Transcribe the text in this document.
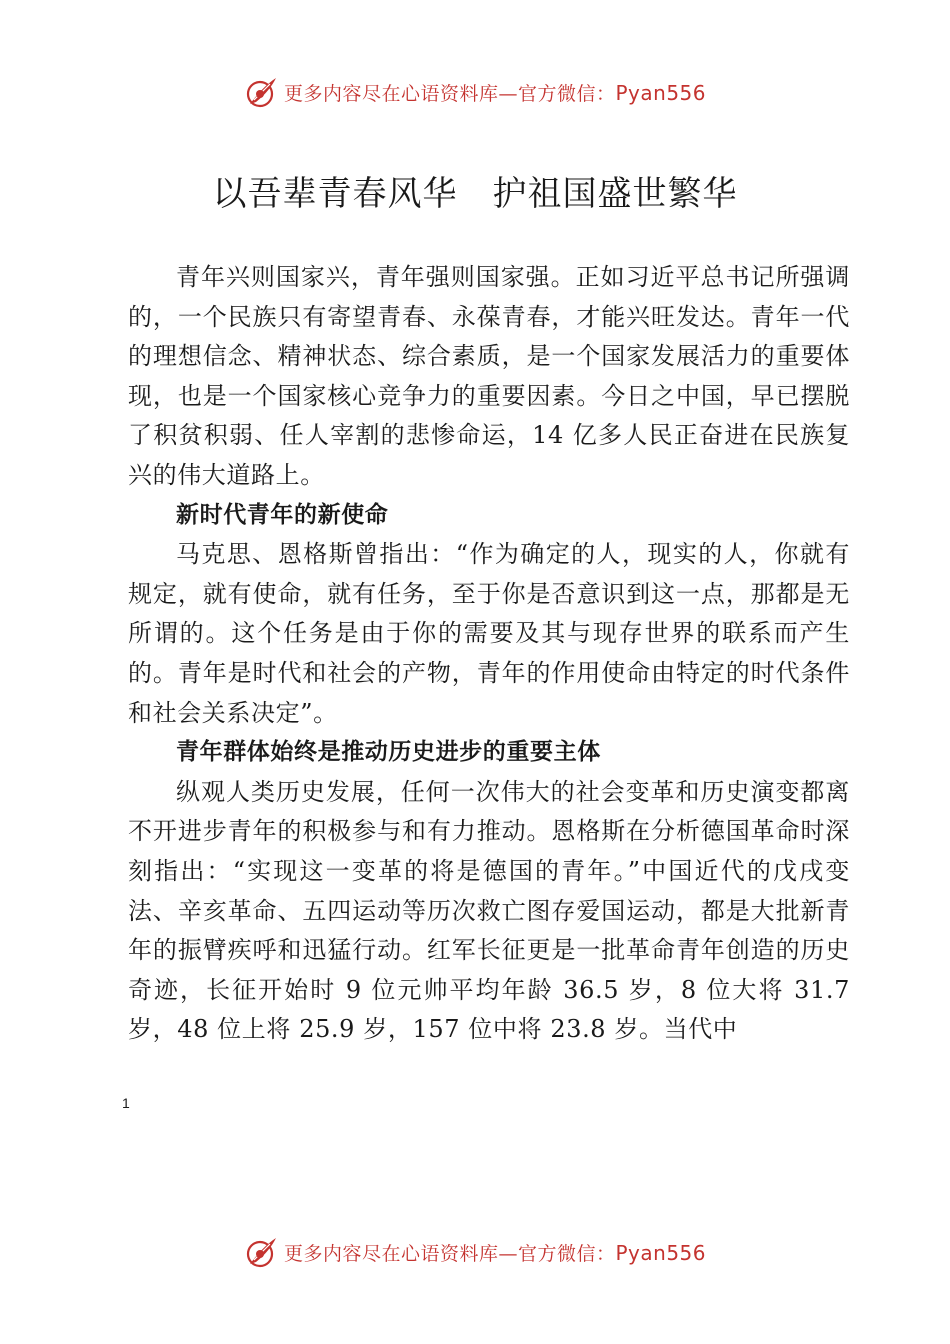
更多内容尽在心语资料库—官方微信：Pyan556
以吾辈青春风华　护祖国盛世繁华

青年兴则国家兴，青年强则国家强。正如习近平总书记所强调的，一个民族只有寄望青春、永葆青春，才能兴旺发达。青年一代的理想信念、精神状态、综合素质，是一个国家发展活力的重要体现，也是一个国家核心竞争力的重要因素。今日之中国，早已摆脱了积贫积弱、任人宰割的悲惨命运，14 亿多人民正奋进在民族复兴的伟大道路上。

新时代青年的新使命

马克思、恩格斯曾指出：“作为确定的人，现实的人，你就有规定，就有使命，就有任务，至于你是否意识到这一点，那都是无所谓的。这个任务是由于你的需要及其与现存世界的联系而产生的。青年是时代和社会的产物，青年的作用使命由特定的时代条件和社会关系决定”。

青年群体始终是推动历史进步的重要主体

纵观人类历史发展，任何一次伟大的社会变革和历史演变都离不开进步青年的积极参与和有力推动。恩格斯在分析德国革命时深刻指出：“实现这一变革的将是德国的青年。”中国近代的戊戌变法、辛亥革命、五四运动等历次救亡图存爱国运动，都是大批新青年的振臂疾呼和迅猛行动。红军长征更是一批革命青年创造的历史奇迹，长征开始时 9 位元帅平均年龄 36.5 岁，8 位大将 31.7 岁，48 位上将 25.9 岁，157 位中将 23.8 岁。当代中

1
更多内容尽在心语资料库—官方微信：Pyan556
